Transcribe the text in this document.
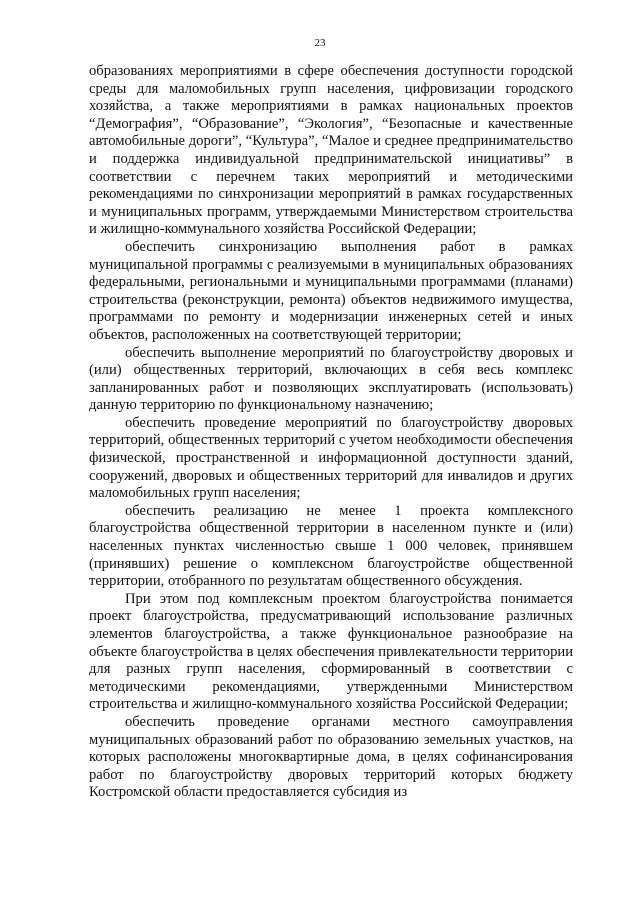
23

образованиях мероприятиями в сфере обеспечения доступности городской среды для маломобильных групп населения, цифровизации городского хозяйства, а также мероприятиями в рамках национальных проектов “Демография”, “Образование”, “Экология”, “Безопасные и качественные автомобильные дороги”, “Культура”, “Малое и среднее предпринимательство и поддержка индивидуальной предпринимательской инициативы” в соответствии с перечнем таких мероприятий и методическими рекомендациями по синхронизации мероприятий в рамках государственных и муниципальных программ, утверждаемыми Министерством строительства и жилищно-коммунального хозяйства Российской Федерации;

обеспечить синхронизацию выполнения работ в рамках муниципальной программы с реализуемыми в муниципальных образованиях федеральными, региональными и муниципальными программами (планами) строительства (реконструкции, ремонта) объектов недвижимого имущества, программами по ремонту и модернизации инженерных сетей и иных объектов, расположенных на соответствующей территории;

обеспечить выполнение мероприятий по благоустройству дворовых и (или) общественных территорий, включающих в себя весь комплекс запланированных работ и позволяющих эксплуатировать (использовать) данную территорию по функциональному назначению;

обеспечить проведение мероприятий по благоустройству дворовых территорий, общественных территорий с учетом необходимости обеспечения физической, пространственной и информационной доступности зданий, сооружений, дворовых и общественных территорий для инвалидов и других маломобильных групп населения;

обеспечить реализацию не менее 1 проекта комплексного благоустройства общественной территории в населенном пункте и (или) населенных пунктах численностью свыше 1 000 человек, принявшем (принявших) решение о комплексном благоустройстве общественной территории, отобранного по результатам общественного обсуждения.

При этом под комплексным проектом благоустройства понимается проект благоустройства, предусматривающий использование различных элементов благоустройства, а также функциональное разнообразие на объекте благоустройства в целях обеспечения привлекательности территории для разных групп населения, сформированный в соответствии с методическими рекомендациями, утвержденными Министерством строительства и жилищно-коммунального хозяйства Российской Федерации;

обеспечить проведение органами местного самоуправления муниципальных образований работ по образованию земельных участков, на которых расположены многоквартирные дома, в целях софинансирования работ по благоустройству дворовых территорий которых бюджету Костромской области предоставляется субсидия из
